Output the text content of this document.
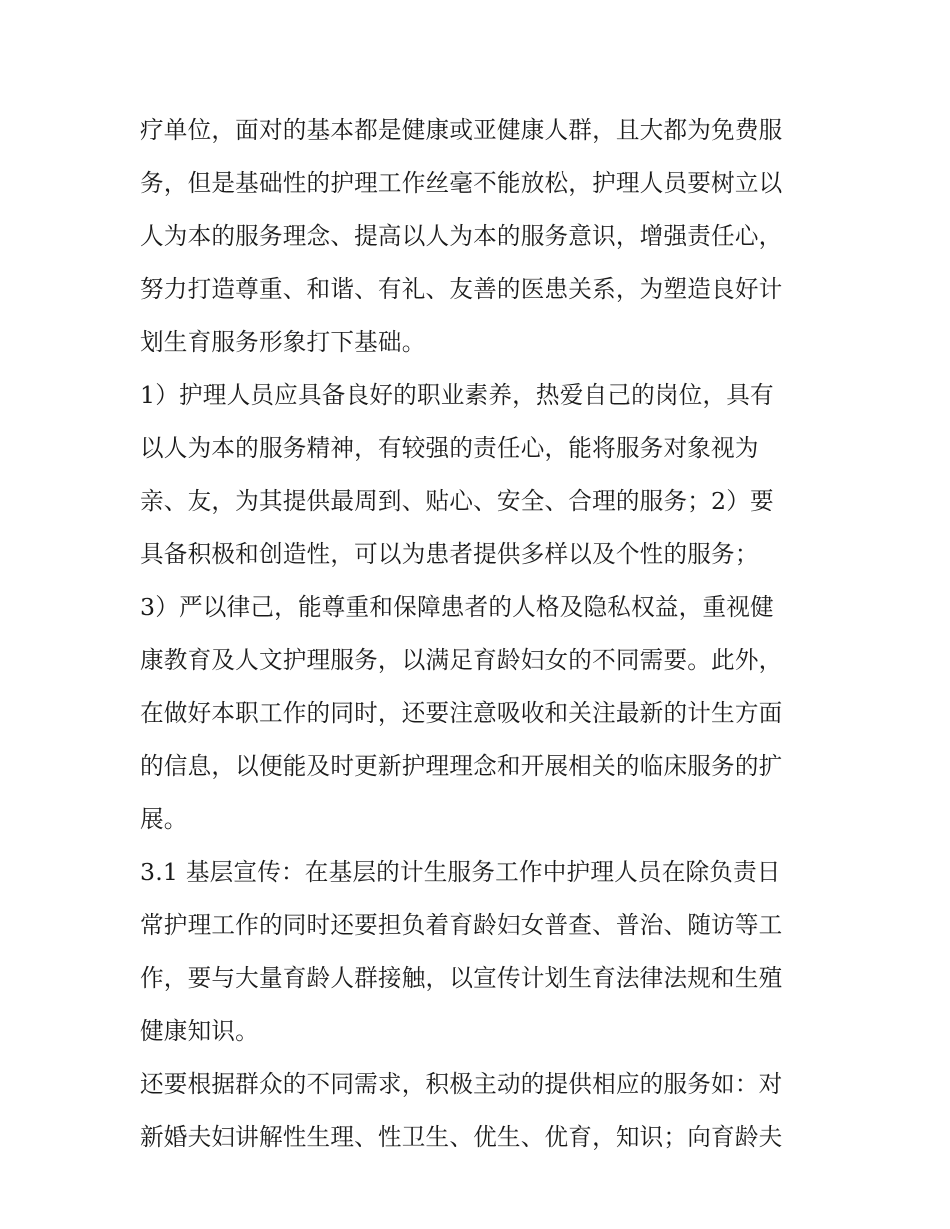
疗单位，面对的基本都是健康或亚健康人群，且大都为免费服
务，但是基础性的护理工作丝毫不能放松，护理人员要树立以
人为本的服务理念、提高以人为本的服务意识，增强责任心，
努力打造尊重、和谐、有礼、友善的医患关系，为塑造良好计
划生育服务形象打下基础。
1）护理人员应具备良好的职业素养，热爱自己的岗位，具有
以人为本的服务精神，有较强的责任心，能将服务对象视为
亲、友，为其提供最周到、贴心、安全、合理的服务；2）要
具备积极和创造性，可以为患者提供多样以及个性的服务；
3）严以律己，能尊重和保障患者的人格及隐私权益，重视健
康教育及人文护理服务，以满足育龄妇女的不同需要。此外，
在做好本职工作的同时，还要注意吸收和关注最新的计生方面
的信息，以便能及时更新护理理念和开展相关的临床服务的扩
展。
3.1 基层宣传：在基层的计生服务工作中护理人员在除负责日
常护理工作的同时还要担负着育龄妇女普查、普治、随访等工
作，要与大量育龄人群接触，以宣传计划生育法律法规和生殖
健康知识。
还要根据群众的不同需求，积极主动的提供相应的服务如：对
新婚夫妇讲解性生理、性卫生、优生、优育，知识；向育龄夫
